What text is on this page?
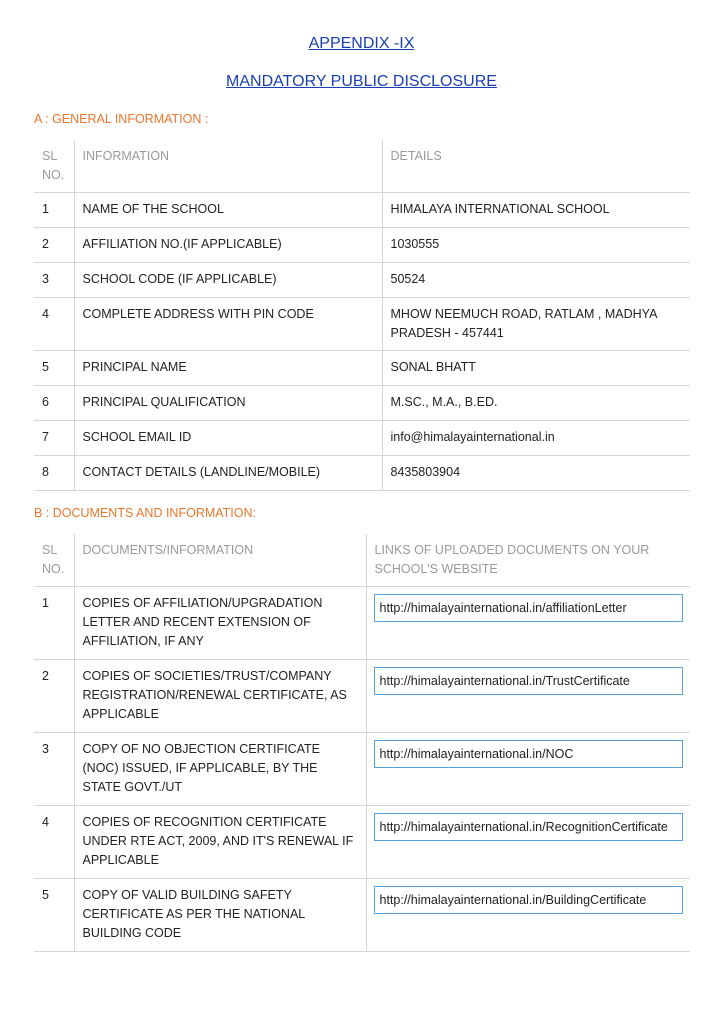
APPENDIX -IX
MANDATORY PUBLIC DISCLOSURE
A : GENERAL INFORMATION :
SL NO.	INFORMATION	DETAILS
1	NAME OF THE SCHOOL	HIMALAYA INTERNATIONAL SCHOOL
2	AFFILIATION NO.(IF APPLICABLE)	1030555
3	SCHOOL CODE (IF APPLICABLE)	50524
4	COMPLETE ADDRESS WITH PIN CODE	MHOW NEEMUCH ROAD, RATLAM , MADHYA PRADESH - 457441
5	PRINCIPAL NAME	SONAL BHATT
6	PRINCIPAL QUALIFICATION	M.SC., M.A., B.ED.
7	SCHOOL EMAIL ID	info@himalayainternational.in
8	CONTACT DETAILS (LANDLINE/MOBILE)	8435803904
B : DOCUMENTS AND INFORMATION:
SL NO.	DOCUMENTS/INFORMATION	LINKS OF UPLOADED DOCUMENTS ON YOUR SCHOOL'S WEBSITE
1	COPIES OF AFFILIATION/UPGRADATION LETTER AND RECENT EXTENSION OF AFFILIATION, IF ANY	http://himalayainternational.in/affiliationLetter

2	COPIES OF SOCIETIES/TRUST/COMPANY REGISTRATION/RENEWAL CERTIFICATE, AS APPLICABLE	http://himalayainternational.in/TrustCertificate

3	COPY OF NO OBJECTION CERTIFICATE (NOC) ISSUED, IF APPLICABLE, BY THE STATE GOVT./UT	http://himalayainternational.in/NOC

4	COPIES OF RECOGNITION CERTIFICATE UNDER RTE ACT, 2009, AND IT'S RENEWAL IF APPLICABLE	http://himalayainternational.in/RecognitionCertificate

5	COPY OF VALID BUILDING SAFETY CERTIFICATE AS PER THE NATIONAL BUILDING CODE	http://himalayainternational.in/BuildingCertificate
